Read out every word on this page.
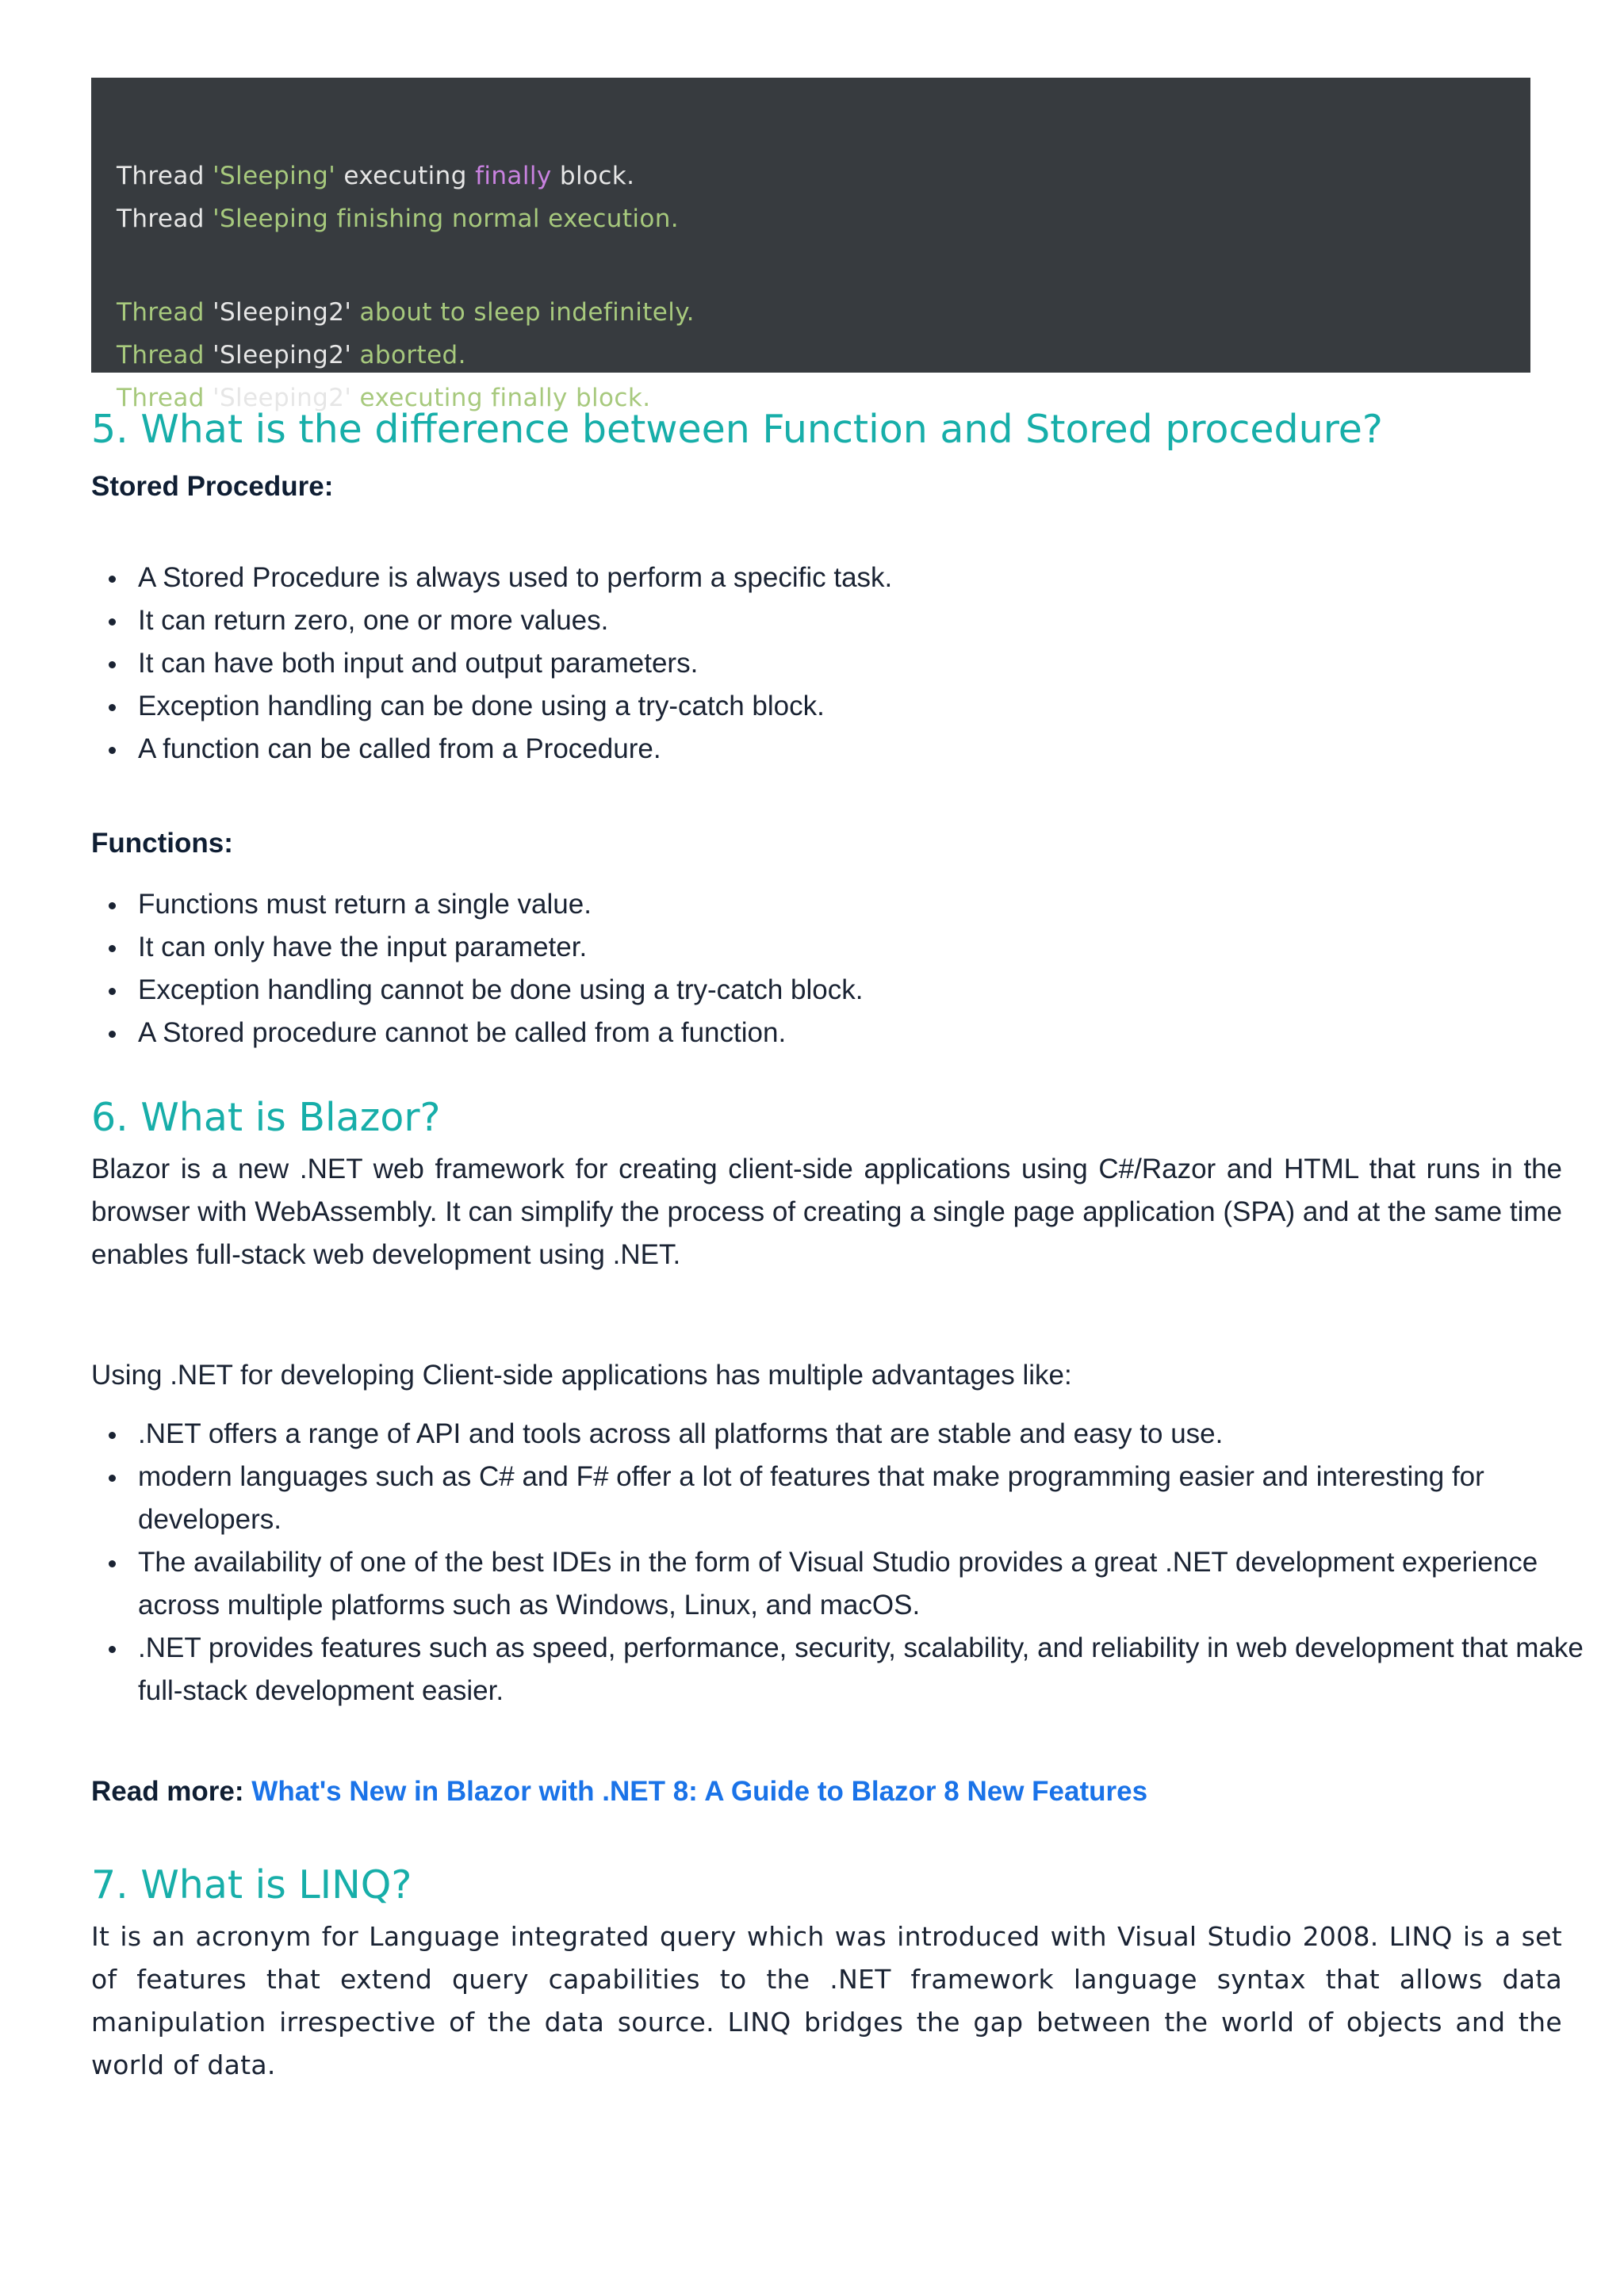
Thread 'Sleeping' executing finally block.
Thread 'Sleeping finishing normal execution.
Thread 'Sleeping2' about to sleep indefinitely.
Thread 'Sleeping2' aborted.
Thread 'Sleeping2' executing finally block.
5. What is the difference between Function and Stored procedure?
Stored Procedure:
A Stored Procedure is always used to perform a specific task.
It can return zero, one or more values.
It can have both input and output parameters.
Exception handling can be done using a try-catch block.
A function can be called from a Procedure.
Functions:
Functions must return a single value.
It can only have the input parameter.
Exception handling cannot be done using a try-catch block.
A Stored procedure cannot be called from a function.
6. What is Blazor?

Blazor is a new .NET web framework for creating client-side applications using C#/Razor and HTML that runs in the browser with WebAssembly. It can simplify the process of creating a single page application (SPA) and at the same time enables full-stack web development using .NET.

Using .NET for developing Client-side applications has multiple advantages like:

.NET offers a range of API and tools across all platforms that are stable and easy to use.
modern languages such as C# and F# offer a lot of features that make programming easier and interesting for developers.
The availability of one of the best IDEs in the form of Visual Studio provides a great .NET development experience across multiple platforms such as Windows, Linux, and macOS.
.NET provides features such as speed, performance, security, scalability, and reliability in web development that make full-stack development easier.

Read more: What's New in Blazor with .NET 8: A Guide to Blazor 8 New Features

7. What is LINQ?

It is an acronym for Language integrated query which was introduced with Visual Studio 2008. LINQ is a set of features that extend query capabilities to the .NET framework language syntax that allows data manipulation irrespective of the data source. LINQ bridges the gap between the world of objects and the world of data.
